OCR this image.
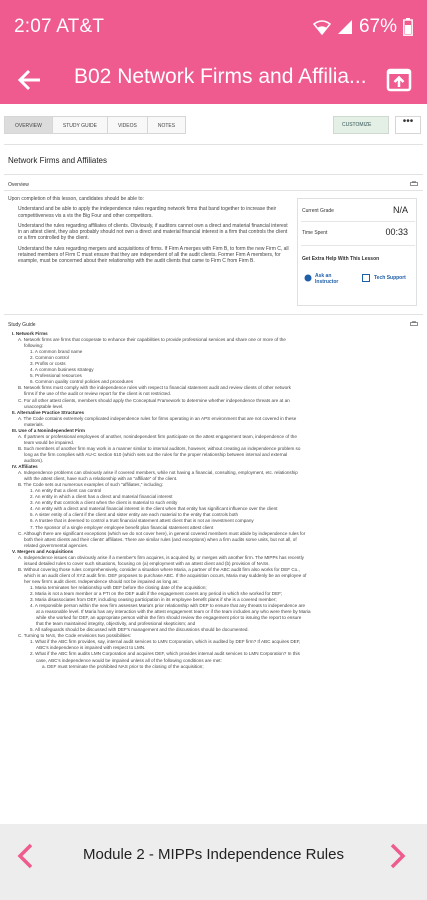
2:07 AT&T	67%
B02 Network Firms and Affilia...
OVERVIEW	STUDY GUIDE	VIDEOS	NOTES	CUSTOMIZE	•••
Network Firms and Affiliates
Overview

Upon completion of this lesson, candidates should be able to:

Understand and be able to apply the independence rules regarding network firms that band together to increase their competitiveness vis a vis the Big Four and other competitors.

Understand the rules regarding affiliates of clients. Obviously, if auditors cannot own a direct and material financial interest in an attest client, they also probably should not own a direct and material financial interest in a firm that controls the client or a firm controlled by the client.

Understand the rules regarding mergers and acquisitions of firms. If Firm A merges with Firm B, to form the new Firm C, all retained members of Firm C must ensure that they are independent of all the audit clients. Former Firm A members, for example, must be concerned about their relationship with the audit clients that came to Firm C from Firm B.

Current Grade	N/A
Time Spent	00:33
Get Extra Help With This Lesson
Ask an Instructor
Tech Support
Study Guide
I. Network Firms
A. Network firms are firms that cooperate to enhance their capabilities to provide professional services and share one or more of the
following:
1. A common brand name
2. Common control
3. Profits or costs
4. A common business strategy
5. Professional resources
6. Common quality control policies and procedures
B. Network firms must comply with the independence rules with respect to financial statement audit and review clients of other network
firms if the use of the audit or review report for the client is not restricted.
C. For all other attest clients, members should apply the Conceptual Framework to determine whether independence threats are at an
unacceptable level.
II. Alternative Practice Structures
A. The Code contains extremely complicated independence rules for firms operating in an APS environment that are not covered in these
materials.
III. Use of a Nonindependent Firm
A. If partners or professional employees of another, nonindependent firm participate on the attest engagement team, independence of the
team would be impaired.
B. Such members of another firm may work in a manner similar to internal auditors, however, without creating an independence problem so
long as the firm complies with AU-C section 610 (which sets out the rules for the proper relationship between internal and external
auditors).
IV. Affiliates
A. Independence problems can obviously arise if covered members, while not having a financial, consulting, employment, etc. relationship
with the attest client, have such a relationship with an "affiliate" of the client.
B. The Code sets out numerous examples of such "affiliates," including:
1. An entity that a client can control
2. An entity in which a client has a direct and material financial interest
3. An entity that controls a client when the client is material to such entity
4. An entity with a direct and material financial interest in the client when that entity has significant influence over the client
5. A sister entity of a client if the client and sister entity are each material to the entity that controls both
6. A trustee that is deemed to control a trust financial statement attest client that is not an investment company
7. The sponsor of a single employer employee benefit plan financial statement attest client
C. Although there are significant exceptions (which we do not cover here), in general covered members must abide by independence rules for
both their attest clients and their clients' affiliates. There are similar rules (and exceptions) when a firm audits some units, but not all, of
related governmental agencies.
V. Mergers and Acquisitions
A. Independence issues can obviously arise if a member's firm acquires, is acquired by, or merges with another firm. The MIPPs has recently
issued detailed rules to cover such situations, focusing on (a) employment with an attest client and (b) provision of NASs.
B. Without covering those rules comprehensively, consider a situation where Maria, a partner of the ABC audit firm also works for DEF Co.,
which is an audit client of XYZ audit firm. DEF proposes to purchase ABC. If the acquisition occurs, Maria may suddenly be an employee of
her new firm's audit client. Independence should not be impaired as long as:
1. Maria terminates her relationship with DEF before the closing date of the acquisition;
2. Maria is not a team member or a PTI on the DEF audit if the engagement covers any period in which she worked for DEF;
3. Maria disassociates from DEF, including ceasing participation in its employee benefit plans if she is a covered member;
4. A responsible person within the new firm assesses Maria's prior relationship with DEF to ensure that any threats to independence are
at a reasonable level. If Maria has any interaction with the attest engagement team or if the team includes any who were there by Maria
while she worked for DEF, an appropriate person within the firm should review the engagement prior to issuing the report to ensure
that the team maintained integrity, objectivity, and professional skepticism; and
5. All safeguards should be discussed with DEF's management and the discussions should be documented.
C. Turning to NAS, the Code envisions two possibilities:
1. What if the ABC firm provides, say, internal audit services to LMN Corporation, which is audited by DEF firm? If ABC acquires DEF,
ABC's independence is impaired with respect to LMN.
2. What if the ABC firm audits LMN Corporation and acquires DEF, which provides internal audit services to LMN Corporation? In this
case, ABC's independence would be impaired unless all of the following conditions are met:
a. DEF must terminate the prohibited NAS prior to the closing of the acquisition;
Module 2 - MIPPs Independence Rules
